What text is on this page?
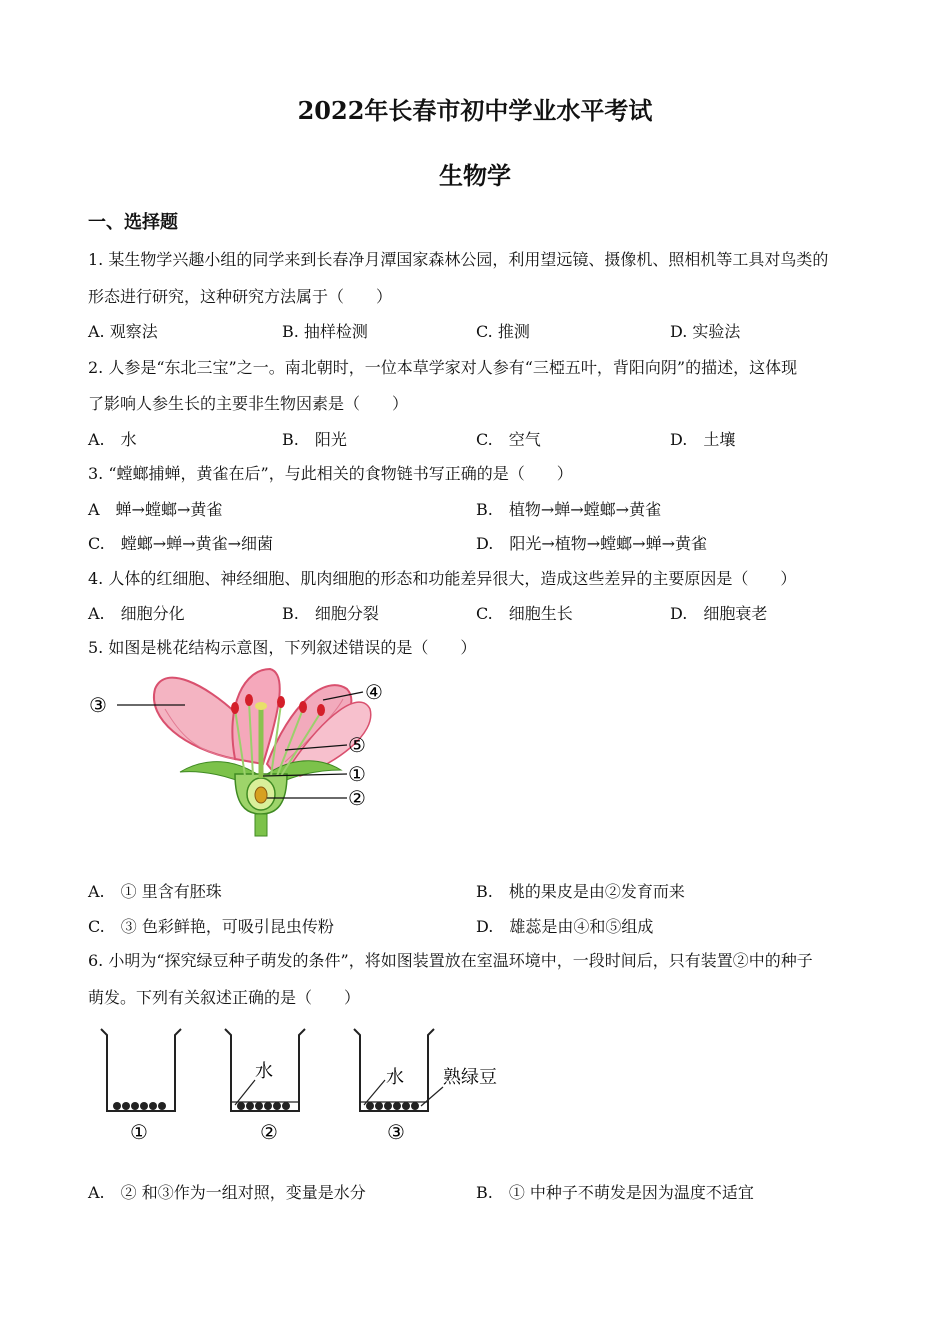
2022年长春市初中学业水平考试
生物学
一、选择题
1. 某生物学兴趣小组的同学来到长春净月潭国家森林公园，利用望远镜、摄像机、照相机等工具对鸟类的
形态进行研究，这种研究方法属于（　　）
A. 观察法	B. 抽样检测	C. 推测	D. 实验法
2. 人参是“东北三宝”之一。南北朝时，一位本草学家对人参有“三椏五叶，背阳向阴”的描述，这体现
了影响人参生长的主要非生物因素是（　　）
A.　水	B.　阳光	C.　空气	D.　土壤
3. “螳螂捕蝉，黄雀在后”，与此相关的食物链书写正确的是（　　）
A　蝉→螳螂→黄雀	B.　植物→蝉→螳螂→黄雀
C.　螳螂→蝉→黄雀→细菌	D.　阳光→植物→螳螂→蝉→黄雀
4. 人体的红细胞、神经细胞、肌肉细胞的形态和功能差异很大，造成这些差异的主要原因是（　　）
A.　细胞分化	B.　细胞分裂	C.　细胞生长	D.　细胞衰老
5. 如图是桃花结构示意图，下列叙述错误的是（　　）
③
④
⑤
①
②
A.　① 里含有胚珠	B.　桃的果皮是由②发育而来
C.　③ 色彩鲜艳，可吸引昆虫传粉	D.　雄蕊是由④和⑤组成
6. 小明为“探究绿豆种子萌发的条件”，将如图装置放在室温环境中，一段时间后，只有装置②中的种子
萌发。下列有关叙述正确的是（　　）
水	水 熟绿豆
①	②	③
A.　② 和③作为一组对照，变量是水分	B.　① 中种子不萌发是因为温度不适宜
